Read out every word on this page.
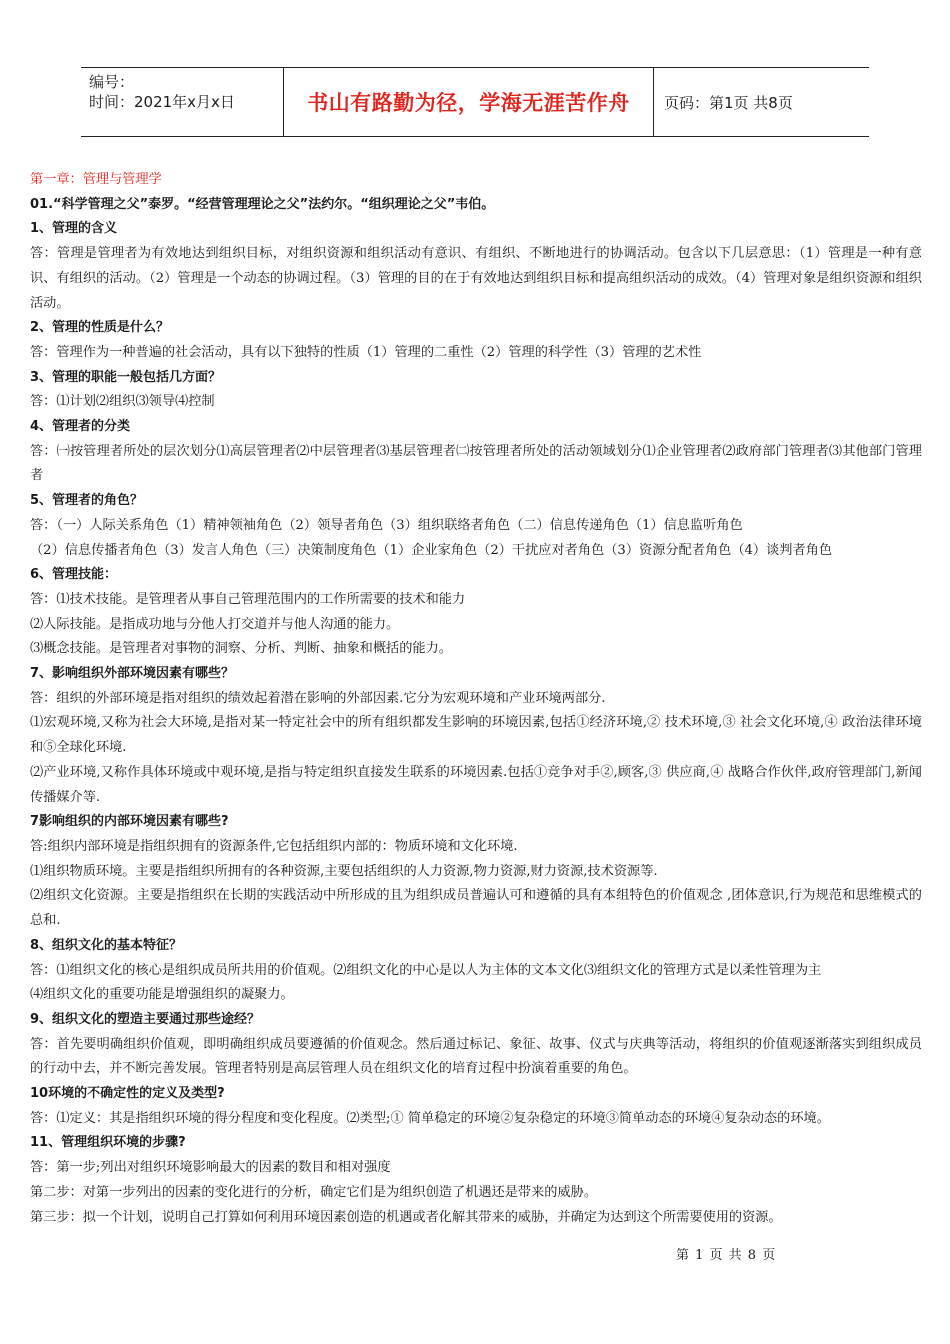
编号：
时间：2021年x月x日	书山有路勤为径，学海无涯苦作舟	页码：第1页 共8页

第一章：管理与管理学

01.“科学管理之父”泰罗。“经营管理理论之父”法约尔。“组织理论之父”韦伯。

1、管理的含义

答：管理是管理者为有效地达到组织目标，对组织资源和组织活动有意识、有组织、不断地进行的协调活动。包含以下几层意思：（1）管理是一种有意识、有组织的活动。（2）管理是一个动态的协调过程。（3）管理的目的在于有效地达到组织目标和提高组织活动的成效。（4）管理对象是组织资源和组织活动。

2、管理的性质是什么？

答：管理作为一种普遍的社会活动，具有以下独特的性质（1）管理的二重性（2）管理的科学性（3）管理的艺术性

3、管理的职能一般包括几方面？

答：⑴计划⑵组织⑶领导⑷控制

4、管理者的分类

答：㈠按管理者所处的层次划分⑴高层管理者⑵中层管理者⑶基层管理者㈡按管理者所处的活动领域划分⑴企业管理者⑵政府部门管理者⑶其他部门管理者

5、管理者的角色？

答：（一）人际关系角色（1）精神领袖角色（2）领导者角色（3）组织联络者角色（二）信息传递角色（1）信息监听角色

（2）信息传播者角色（3）发言人角色（三）决策制度角色（1）企业家角色（2）干扰应对者角色（3）资源分配者角色（4）谈判者角色

6、管理技能：

答：⑴技术技能。是管理者从事自己管理范围内的工作所需要的技术和能力

⑵人际技能。是指成功地与分他人打交道并与他人沟通的能力。

⑶概念技能。是管理者对事物的洞察、分析、判断、抽象和概括的能力。

7、影响组织外部环境因素有哪些？

答：组织的外部环境是指对组织的绩效起着潜在影响的外部因素.它分为宏观环境和产业环境两部分.

⑴宏观环境,又称为社会大环境,是指对某一特定社会中的所有组织都发生影响的环境因素,包括①经济环境,② 技术环境,③ 社会文化环境,④ 政治法律环境和⑤全球化环境.

⑵产业环境,又称作具体环境或中观环境,是指与特定组织直接发生联系的环境因素.包括①竞争对手②,顾客,③ 供应商,④ 战略合作伙伴,政府管理部门,新闻传播媒介等.

7影响组织的内部环境因素有哪些?

答:组织内部环境是指组织拥有的资源条件,它包括组织内部的：物质环境和文化环境.

⑴组织物质环境。主要是指组织所拥有的各种资源,主要包括组织的人力资源,物力资源,财力资源,技术资源等.

⑵组织文化资源。主要是指组织在长期的实践活动中所形成的且为组织成员普遍认可和遵循的具有本组特色的价值观念 ,团体意识,行为规范和思维模式的总和.

8、组织文化的基本特征？

答：⑴组织文化的核心是组织成员所共用的价值观。⑵组织文化的中心是以人为主体的文本文化⑶组织文化的管理方式是以柔性管理为主

⑷组织文化的重要功能是增强组织的凝聚力。

9、组织文化的塑造主要通过那些途经？

答：首先要明确组织价值观，即明确组织成员要遵循的价值观念。然后通过标记、象征、故事、仪式与庆典等活动，将组织的价值观逐渐落实到组织成员的行动中去，并不断完善发展。管理者特别是高层管理人员在组织文化的培育过程中扮演着重要的角色。

10环境的不确定性的定义及类型?

答：⑴定义：其是指组织环境的得分程度和变化程度。⑵类型;① 简单稳定的环境②复杂稳定的环境③简单动态的环境④复杂动态的环境。

11、管理组织环境的步骤?

答：第一步;列出对组织环境影响最大的因素的数目和相对强度

第二步：对第一步列出的因素的变化进行的分析，确定它们是为组织创造了机遇还是带来的威胁。

第三步：拟一个计划，说明自己打算如何利用环境因素创造的机遇或者化解其带来的威胁，并确定为达到这个所需要使用的资源。

第 1 页 共 8 页
